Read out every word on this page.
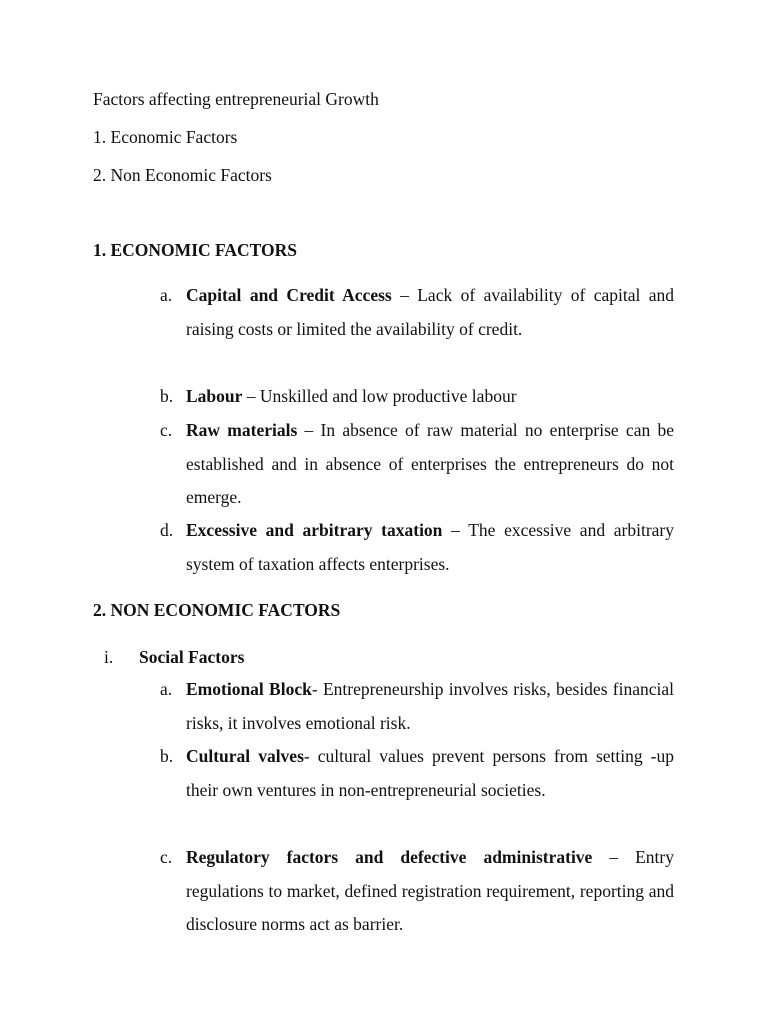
Factors affecting entrepreneurial Growth
1. Economic Factors
2. Non Economic Factors
1. ECONOMIC FACTORS
a. Capital and Credit Access – Lack of availability of capital and raising costs or limited the availability of credit.
b. Labour – Unskilled and low productive labour
c. Raw materials – In absence of raw material no enterprise can be established and in absence of enterprises the entrepreneurs do not emerge.
d. Excessive and arbitrary taxation – The excessive and arbitrary system of taxation affects enterprises.
2. NON ECONOMIC FACTORS
i. Social Factors
a. Emotional Block- Entrepreneurship involves risks, besides financial risks, it involves emotional risk.
b. Cultural valves- cultural values prevent persons from setting -up their own ventures in non-entrepreneurial societies.
c. Regulatory factors and defective administrative – Entry regulations to market, defined registration requirement, reporting and disclosure norms act as barrier.
